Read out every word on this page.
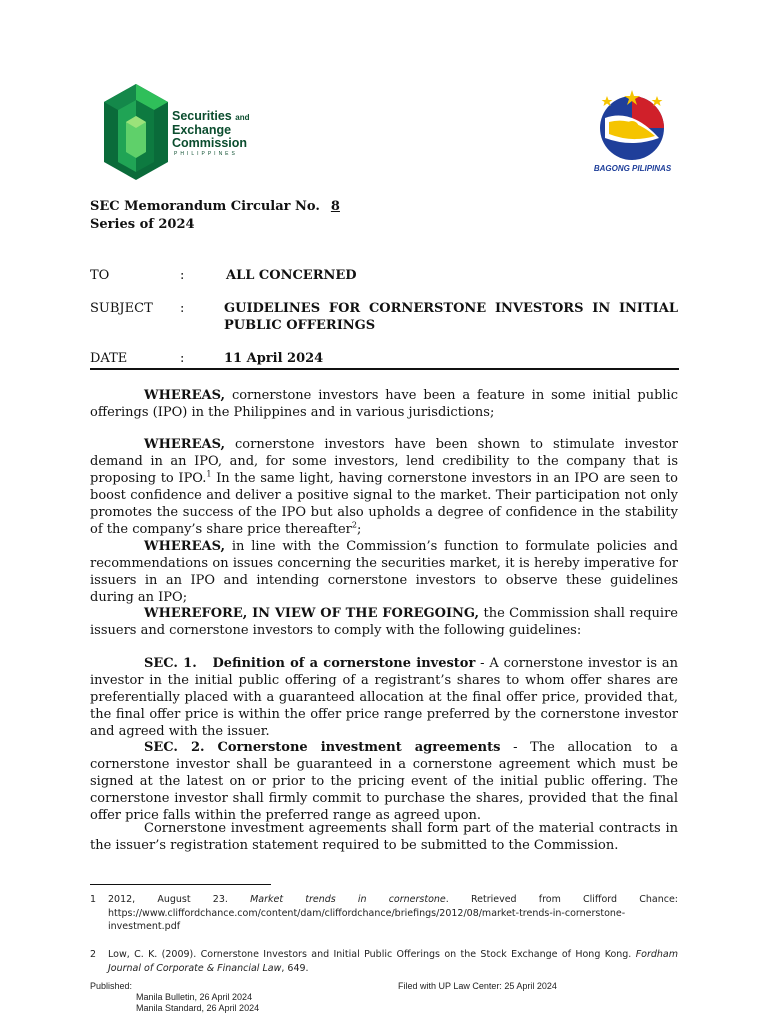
Securities and
Exchange
Commission
PHILIPPINES
BAGONG PILIPINAS
SEC Memorandum Circular No. 8
Series of 2024
TO	:	ALL CONCERNED
SUBJECT :	GUIDELINES FOR CORNERSTONE INVESTORS IN INITIAL PUBLIC OFFERINGS
DATE	:	11 April 2024
WHEREAS, cornerstone investors have been a feature in some initial public offerings (IPO) in the Philippines and in various jurisdictions;
WHEREAS, cornerstone investors have been shown to stimulate investor demand in an IPO, and, for some investors, lend credibility to the company that is proposing to IPO.$^1$ In the same light, having cornerstone investors in an IPO are seen to boost confidence and deliver a positive signal to the market. Their participation not only promotes the success of the IPO but also upholds a degree of confidence in the stability of the company’s share price thereafter$^2$;
WHEREAS, in line with the Commission’s function to formulate policies and recommendations on issues concerning the securities market, it is hereby imperative for issuers in an IPO and intending cornerstone investors to observe these guidelines during an IPO;
WHEREFORE, IN VIEW OF THE FOREGOING, the Commission shall require issuers and cornerstone investors to comply with the following guidelines:
SEC. 1.   Definition of a cornerstone investor - A cornerstone investor is an investor in the initial public offering of a registrant’s shares to whom offer shares are preferentially placed with a guaranteed allocation at the final offer price, provided that, the final offer price is within the offer price range preferred by the cornerstone investor and agreed with the issuer.
SEC. 2. Cornerstone investment agreements - The allocation to a cornerstone investor shall be guaranteed in a cornerstone agreement which must be signed at the latest on or prior to the pricing event of the initial public offering. The cornerstone investor shall firmly commit to purchase the shares, provided that the final offer price falls within the preferred range as agreed upon.
Cornerstone investment agreements shall form part of the material contracts in the issuer’s registration statement required to be submitted to the Commission.
1 2012, August 23. Market trends in cornerstone. Retrieved from Clifford Chance: https://www.cliffordchance.com/content/dam/cliffordchance/briefings/2012/08/market-trends-in-cornerstone-investment.pdf
2 Low, C. K. (2009). Cornerstone Investors and Initial Public Offerings on the Stock Exchange of Hong Kong. Fordham Journal of Corporate & Financial Law, 649.
Published:
Manila Bulletin, 26 April 2024
Manila Standard, 26 April 2024
Filed with UP Law Center: 25 April 2024
